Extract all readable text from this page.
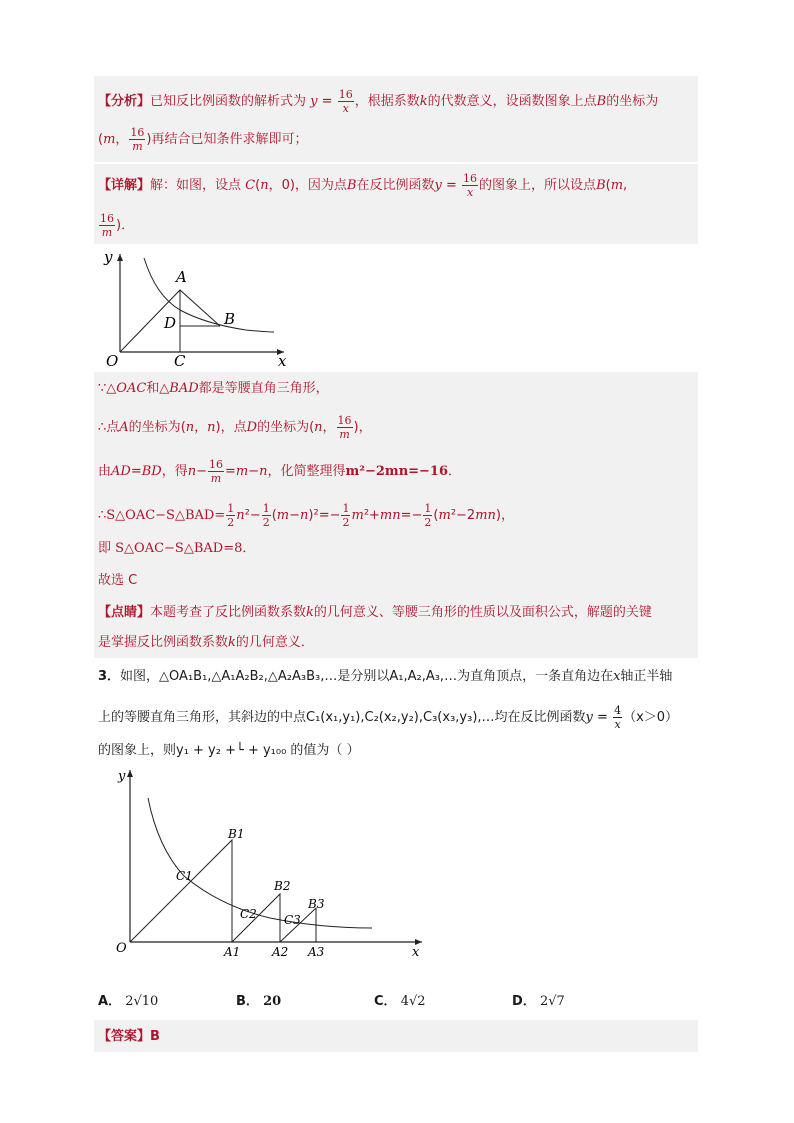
【分析】已知反比例函数的解析式为 $y = \frac{16}{x}$ ，根据系数k的代数意义，设函数图象上点B的坐标为
(m， $\frac{16}{m}$ )再结合已知条件求解即可；
【详解】解：如图，设点 C(n，0)，因为点B在反比例函数$y = \frac{16}{x}$ 的图象上，所以设点B(m,
$\frac{16}{m}$ )．
y
A
D	B
O	C	x
∵△OAC和△BAD都是等腰直角三角形，
∴点A的坐标为(n，n)，点D的坐标为(n， $\frac{16}{m}$ )，
由AD=BD，得$n- \frac{16}{m} =m-n$，化简整理得m²−2mn=−16．
∴S△OAC−S△BAD= $\frac{1}{2} n^2- \frac{1}{2} (m-n)^2=- \frac{1}{2} m^2+mn=- \frac{1}{2} (m^2-2mn)$，
即 S△OAC−S△BAD=8．
故选 C
【点睛】本题考查了反比例函数系数k的几何意义、等腰三角形的性质以及面积公式，解题的关键
是掌握反比例函数系数k的几何意义．
3．如图，△OA₁B₁,△A₁A₂B₂,△A₂A₃B₃,…是分别以A₁,A₂,A₃,…为直角顶点，一条直角边在x轴正半轴
上的等腰直角三角形，其斜边的中点C₁(x₁,y₁),C₂(x₂,y₂),C₃(x₃,y₃),…均在反比例函数$y = \frac{4}{x} (x>0)$
的图象上，则y₁ + y₂ +└ + y₁₀₀ 的值为（ ）
y
B1
C1
B2
C2
B3
C3
O	A1	A2 A3	x
A． 2√10	B． 20	C． 4√2	D． 2√7
【答案】B
